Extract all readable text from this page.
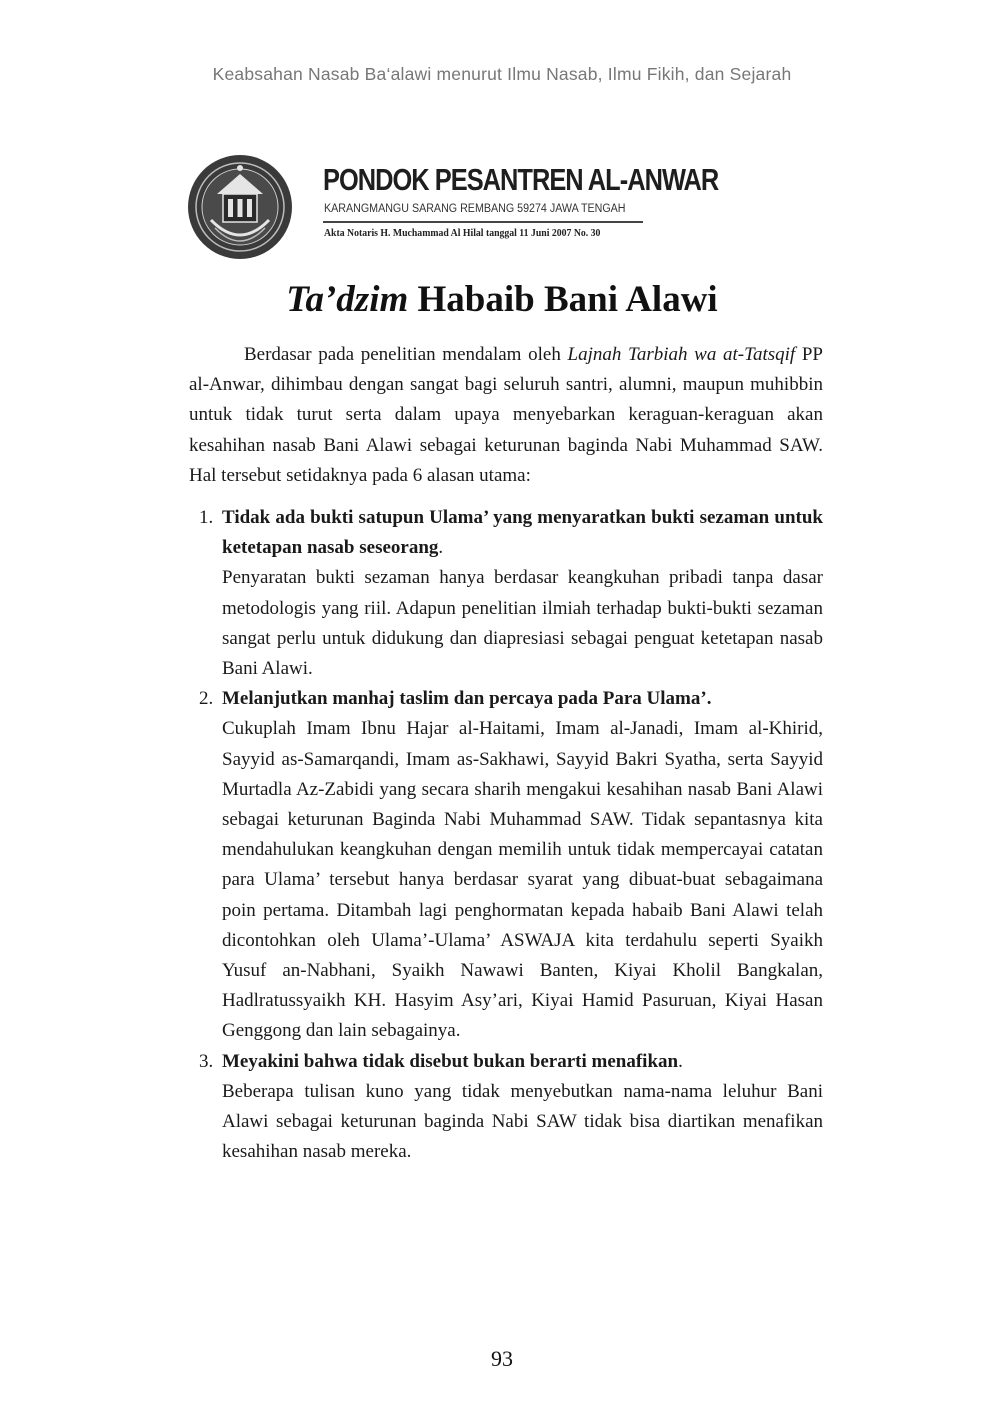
Keabsahan Nasab Ba‘alawi menurut Ilmu Nasab, Ilmu Fikih, dan Sejarah
PONDOK PESANTREN AL-ANWAR
KARANGMANGU SARANG REMBANG 59274 JAWA TENGAH
Akta Notaris H. Muchammad Al Hilal tanggal 11 Juni 2007 No. 30
Ta’dzim Habaib Bani Alawi

Berdasar pada penelitian mendalam oleh Lajnah Tarbiah wa at-Tatsqif PP al-Anwar, dihimbau dengan sangat bagi seluruh santri, alumni, maupun muhibbin untuk tidak turut serta dalam upaya menyebarkan keraguan-keraguan akan kesahihan nasab Bani Alawi sebagai keturunan baginda Nabi Muhammad SAW. Hal tersebut setidaknya pada 6 alasan utama:

1. Tidak ada bukti satupun Ulama’ yang menyaratkan bukti sezaman untuk ketetapan nasab seseorang.
Penyaratan bukti sezaman hanya berdasar keangkuhan pribadi tanpa dasar metodologis yang riil. Adapun penelitian ilmiah terhadap bukti-bukti sezaman sangat perlu untuk didukung dan diapresiasi sebagai penguat ketetapan nasab Bani Alawi.
2. Melanjutkan manhaj taslim dan percaya pada Para Ulama’.
Cukuplah Imam Ibnu Hajar al-Haitami, Imam al-Janadi, Imam al-Khirid, Sayyid as-Samarqandi, Imam as-Sakhawi, Sayyid Bakri Syatha, serta Sayyid Murtadla Az-Zabidi yang secara sharih mengakui kesahihan nasab Bani Alawi sebagai keturunan Baginda Nabi Muhammad SAW. Tidak sepantasnya kita mendahulukan keangkuhan dengan memilih untuk tidak mempercayai catatan para Ulama’ tersebut hanya berdasar syarat yang dibuat-buat sebagaimana poin pertama. Ditambah lagi penghormatan kepada habaib Bani Alawi telah dicontohkan oleh Ulama’-Ulama’ ASWAJA kita terdahulu seperti Syaikh Yusuf an-Nabhani, Syaikh Nawawi Banten, Kiyai Kholil Bangkalan, Hadlratussyaikh KH. Hasyim Asy’ari, Kiyai Hamid Pasuruan, Kiyai Hasan Genggong dan lain sebagainya.
3. Meyakini bahwa tidak disebut bukan berarti menafikan.
Beberapa tulisan kuno yang tidak menyebutkan nama-nama leluhur Bani Alawi sebagai keturunan baginda Nabi SAW tidak bisa diartikan menafikan kesahihan nasab mereka.
93
